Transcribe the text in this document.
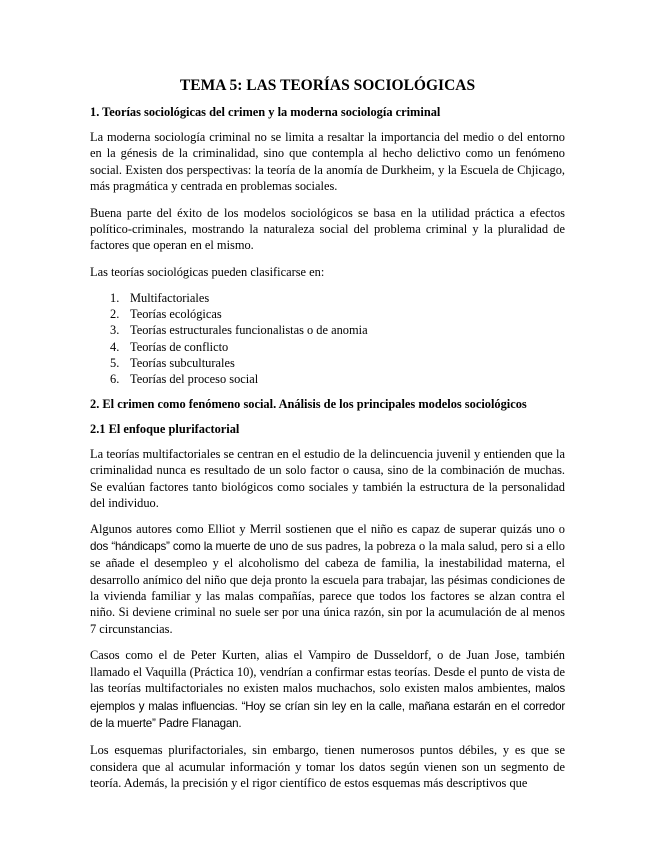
TEMA 5: LAS TEORÍAS SOCIOLÓGICAS
1. Teorías sociológicas del crimen y la moderna sociología criminal

La moderna sociología criminal no se limita a resaltar la importancia del medio o del entorno en la génesis de la criminalidad, sino que contempla al hecho delictivo como un fenómeno social. Existen dos perspectivas: la teoría de la anomía de Durkheim, y la Escuela de Chjicago, más pragmática y centrada en problemas sociales.

Buena parte del éxito de los modelos sociológicos se basa en la utilidad práctica a efectos político-criminales, mostrando la naturaleza social del problema criminal y la pluralidad de factores que operan en el mismo.

Las teorías sociológicas pueden clasificarse en:

1. Multifactoriales
2. Teorías ecológicas
3. Teorías estructurales funcionalistas o de anomia
4. Teorías de conflicto
5. Teorías subculturales
6. Teorías del proceso social
2. El crimen como fenómeno social. Análisis de los principales modelos sociológicos
2.1 El enfoque plurifactorial

La teorías multifactoriales se centran en el estudio de la delincuencia juvenil y entienden que la criminalidad nunca es resultado de un solo factor o causa, sino de la combinación de muchas. Se evalúan factores tanto biológicos como sociales y también la estructura de la personalidad del individuo.

Algunos autores como Elliot y Merril sostienen que el niño es capaz de superar quizás uno o dos “hándicaps” como la muerte de uno de sus padres, la pobreza o la mala salud, pero si a ello se añade el desempleo y el alcoholismo del cabeza de familia, la inestabilidad materna, el desarrollo anímico del niño que deja pronto la escuela para trabajar, las pésimas condiciones de la vivienda familiar y las malas compañías, parece que todos los factores se alzan contra el niño. Si deviene criminal no suele ser por una única razón, sin por la acumulación de al menos 7 circunstancias.

Casos como el de Peter Kurten, alias el Vampiro de Dusseldorf, o de Juan Jose, también llamado el Vaquilla (Práctica 10), vendrían a confirmar estas teorías. Desde el punto de vista de las teorías multifactoriales no existen malos muchachos, solo existen malos ambientes, malos ejemplos y malas influencias. “Hoy se crían sin ley en la calle, mañana estarán en el corredor de la muerte” Padre Flanagan.

Los esquemas plurifactoriales, sin embargo, tienen numerosos puntos débiles, y es que se considera que al acumular información y tomar los datos según vienen son un segmento de teoría. Además, la precisión y el rigor científico de estos esquemas más descriptivos que
